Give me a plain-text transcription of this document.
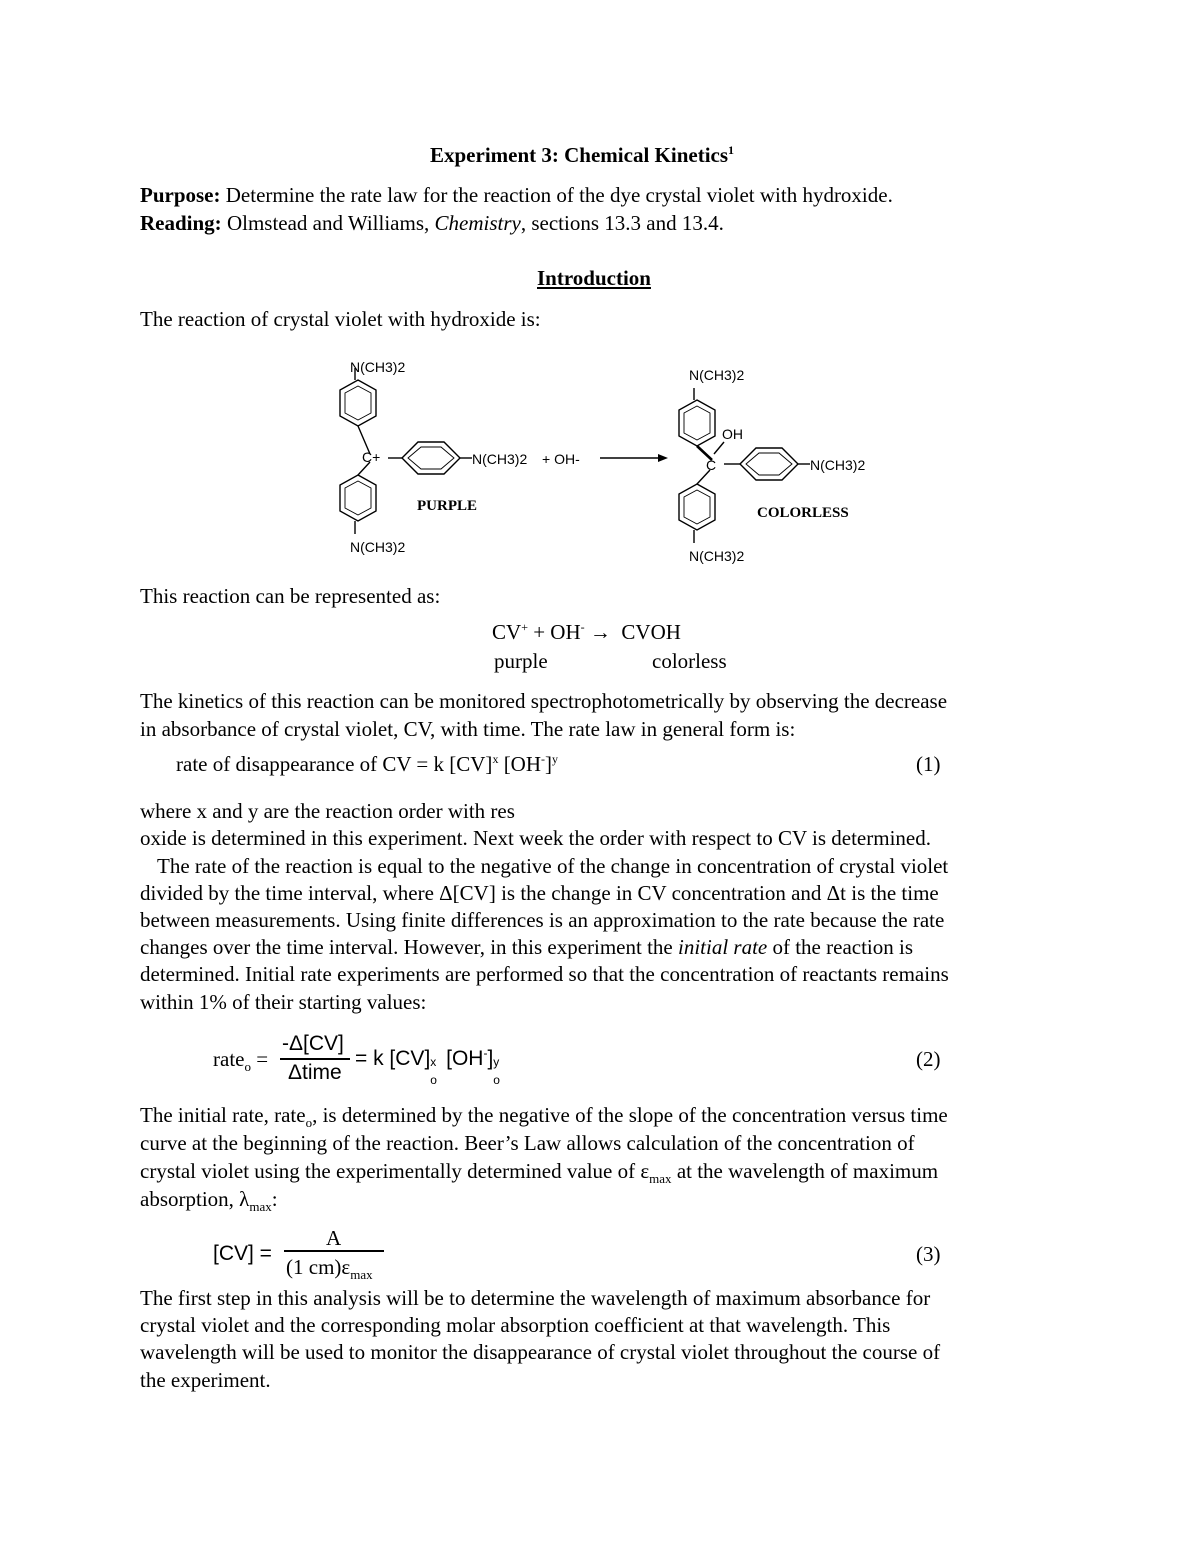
Experiment 3: Chemical Kinetics$^1$
Purpose: Determine the rate law for the reaction of the dye crystal violet with hydroxide.
Reading: Olmstead and Williams, Chemistry, sections 13.3 and 13.4.
Introduction
The reaction of crystal violet with hydroxide is:
N(CH3)2
C+	N(CH3)2 + OH-
N(CH3)2
N(CH3)2
OH
C	N(CH3)2
N(CH3)2
PURPLE	COLORLESS
This reaction can be represented as:
CV+ + OH- →  CVOH
purple	colorless
The kinetics of this reaction can be monitored spectrophotometrically by observing the decrease
in absorbance of crystal violet, CV, with time. The rate law in general form is:
rate of disappearance of CV = k [CV]$^x$ $[OH^-]^y$	(1)
where x and y are the reaction order with res
oxide is determined in this experiment. Next week the order with respect to CV is determined.
The rate of the reaction is equal to the negative of the change in concentration of crystal violet
divided by the time interval, where Δ[CV] is the change in CV concentration and Δt is the time
between measurements. Using finite differences is an approximation to the rate because the rate
changes over the time interval. However, in this experiment the initial rate of the reaction is
determined. Initial rate experiments are performed so that the concentration of reactants remains
within 1% of their starting values:
rate$_o$ =
-Δ[CV]
Δtime
= k [CV] x
o
[OH-] y
o
(2)
The initial rate, rate$_o$, is determined by the negative of the slope of the concentration versus time
curve at the beginning of the reaction. Beer’s Law allows calculation of the concentration of
crystal violet using the experimentally determined value of $\varepsilon_{max}$ at the wavelength of maximum
absorption, $\lambda_{max}$:
[CV] =
A
(1 $cm)\varepsilon_{max}$
(3)
The first step in this analysis will be to determine the wavelength of maximum absorbance for
crystal violet and the corresponding molar absorption coefficient at that wavelength. This
wavelength will be used to monitor the disappearance of crystal violet throughout the course of
the experiment.
